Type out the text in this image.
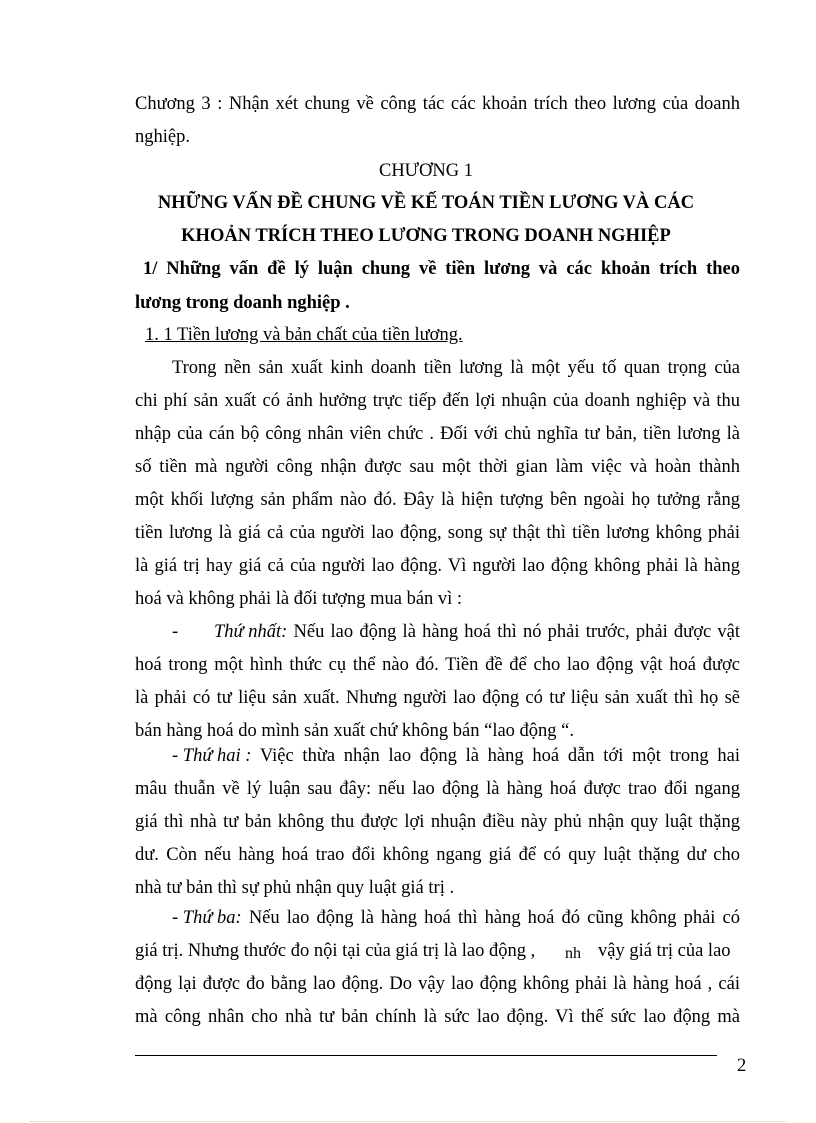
Chương 3 : Nhận xét chung về công tác các khoản trích theo lương của doanh
nghiệp.
CHƯƠNG 1
NHỮNG VẤN ĐỀ CHUNG VỀ KẾ TOÁN TIỀN LƯƠNG VÀ CÁC
KHOẢN TRÍCH THEO LƯƠNG TRONG DOANH NGHIỆP
1/ Những vấn đề lý luận chung về tiền lương và các khoản trích theo
lương trong doanh nghiệp .
1. 1 Tiền lương và bản chất của tiền lương.
Trong nền sản xuất kinh doanh tiền lương là một yếu tố quan trọng của
chi phí sản xuất có ảnh hưởng trực tiếp đến lợi nhuận của doanh nghiệp và thu
nhập của cán bộ công nhân viên chức . Đối với chủ nghĩa tư bản, tiền lương là
số tiền mà người công nhận được sau một thời gian làm việc và hoàn thành
một khối lượng sản phẩm nào đó. Đây là hiện tượng bên ngoài họ tưởng rằng
tiền lương là giá cả của người lao động, song sự thật thì tiền lương không phải
là giá trị hay giá cả của người lao động. Vì người lao động không phải là hàng
hoá và không phải là đối tượng mua bán vì :
- Thứ nhất: Nếu lao động là hàng hoá thì nó phải trước, phải được vật
hoá trong một hình thức cụ thể nào đó. Tiền đề để cho lao động vật hoá được
là phải có tư liệu sản xuất. Nhưng người lao động có tư liệu sản xuất thì họ sẽ
bán hàng hoá do mình sản xuất chứ không bán “lao động “.
- Thứ hai : Việc thừa nhận lao động là hàng hoá dẫn tới một trong hai
mâu thuẫn về lý luận sau đây: nếu lao động là hàng hoá được trao đổi ngang
giá thì nhà tư bản không thu được lợi nhuận điều này phủ nhận quy luật thặng
dư. Còn nếu hàng hoá trao đổi không ngang giá để có quy luật thặng dư cho
nhà tư bản thì sự phủ nhận quy luật giá trị .
- Thứ ba: Nếu lao động là hàng hoá thì hàng hoá đó cũng không phải có
giá trị. Nhưng thước đo nội tại của giá trị là lao động , nh vậy giá trị của lao
động lại được đo bằng lao động. Do vậy lao động không phải là hàng hoá , cái
mà công nhân cho nhà tư bản chính là sức lao động. Vì thế sức lao động mà
2
